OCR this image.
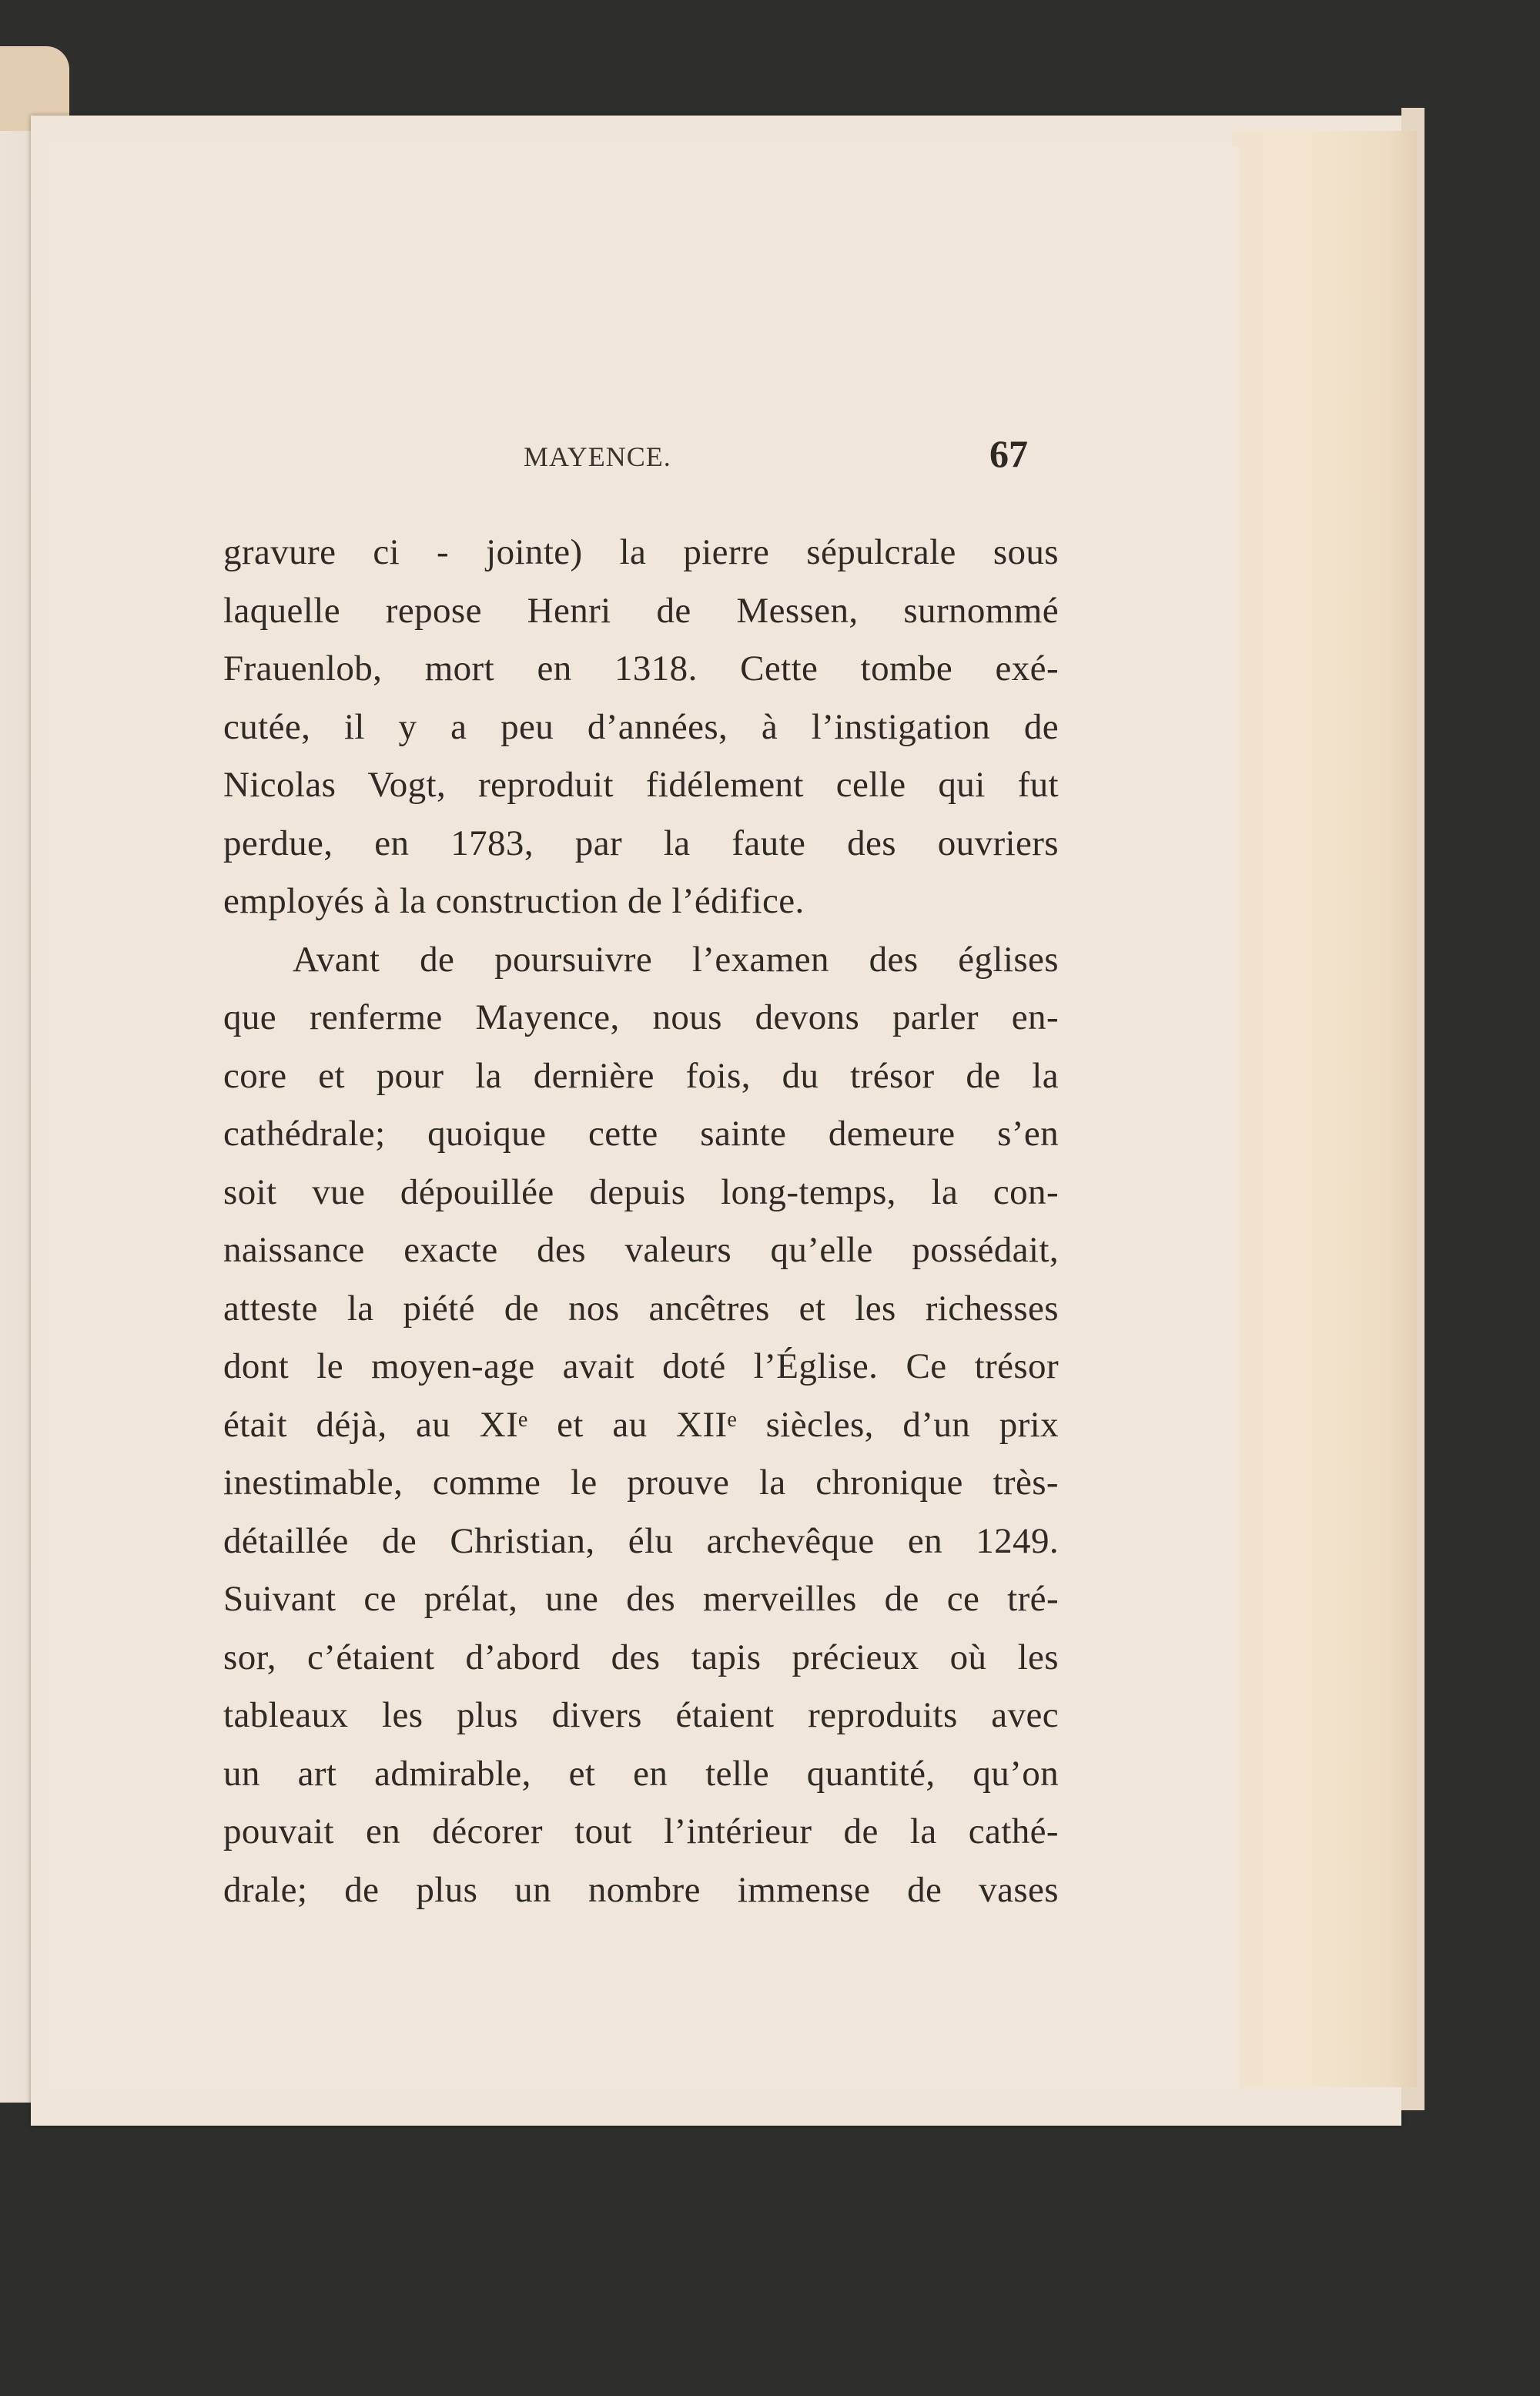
MAYENCE.	67
gravure ci - jointe) la pierre sépulcrale sous
laquelle repose Henri de Messen, surnommé
Frauenlob, mort en 1318. Cette tombe exé-
cutée, il y a peu d’années, à l’instigation de
Nicolas Vogt, reproduit fidélement celle qui fut
perdue, en 1783, par la faute des ouvriers
employés à la construction de l’édifice.
Avant de poursuivre l’examen des églises
que renferme Mayence, nous devons parler en-
core et pour la dernière fois, du trésor de la
cathédrale; quoique cette sainte demeure s’en
soit vue dépouillée depuis long-temps, la con-
naissance exacte des valeurs qu’elle possédait,
atteste la piété de nos ancêtres et les richesses
dont le moyen-age avait doté l’Église. Ce trésor
était déjà, au XIᵉ et au XIIᵉ siècles, d’un prix
inestimable, comme le prouve la chronique très-
détaillée de Christian, élu archevêque en 1249.
Suivant ce prélat, une des merveilles de ce tré-
sor, c’étaient d’abord des tapis précieux où les
tableaux les plus divers étaient reproduits avec
un art admirable, et en telle quantité, qu’on
pouvait en décorer tout l’intérieur de la cathé-
drale; de plus un nombre immense de vases
